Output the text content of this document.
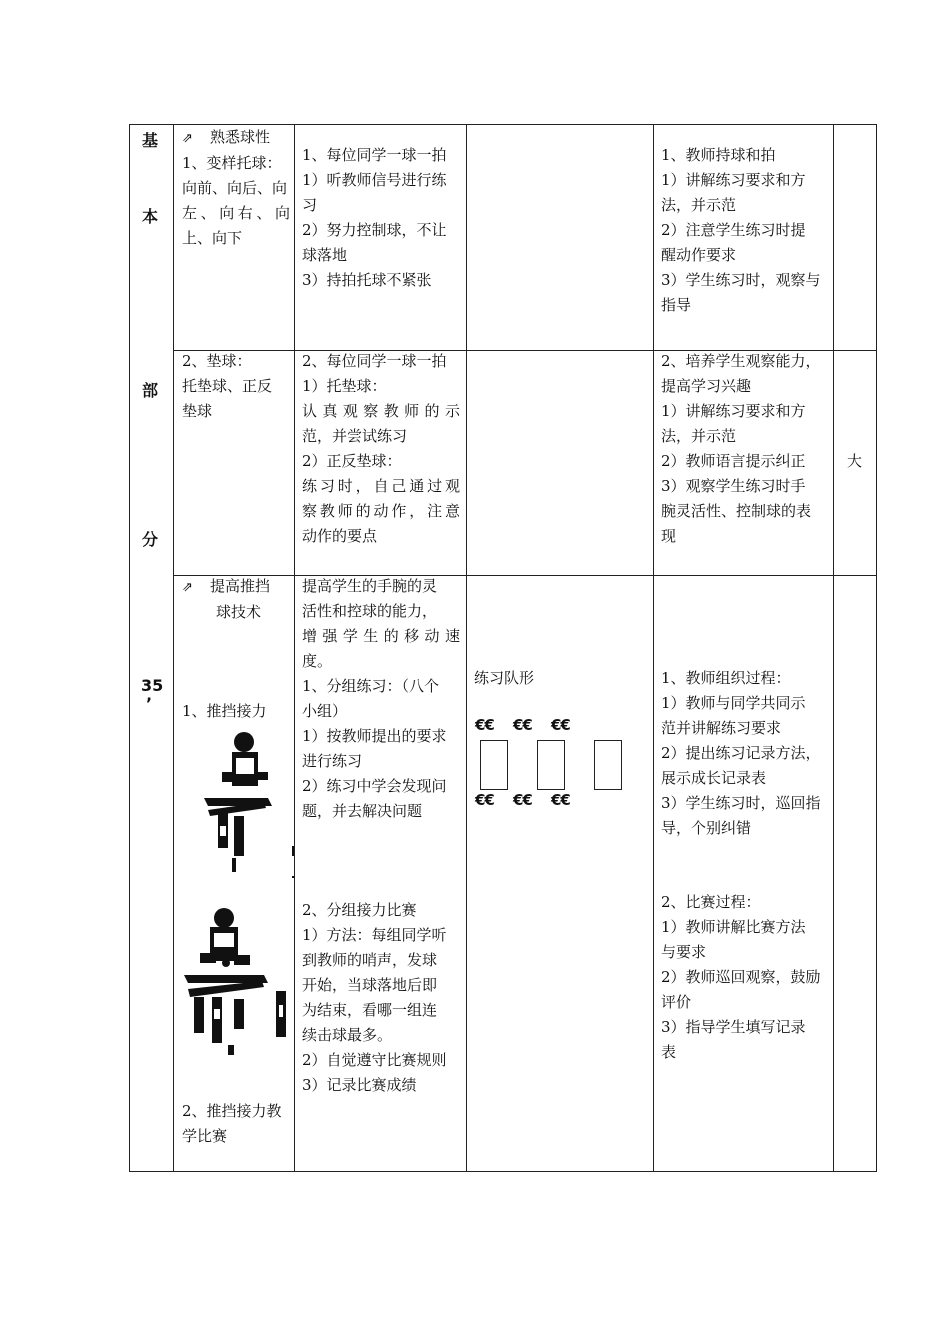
基
本
部
分
35
’
⇗ 熟悉球性
1、变样托球：
向前、向后、向
左、向右、向
上、向下
1、每位同学一球一拍
1）听教师信号进行练
习
2）努力控制球，不让
球落地
3）持拍托球不紧张
1、教师持球和拍
1）讲解练习要求和方
法，并示范
2）注意学生练习时提
醒动作要求
3）学生练习时，观察与
指导
2、垫球：
托垫球、正反
垫球
2、每位同学一球一拍
1）托垫球：
认真观察教师的示
范，并尝试练习
2）正反垫球：
练习时，自己通过观
察教师的动作，注意
动作的要点
2、培养学生观察能力，
提高学习兴趣
1）讲解练习要求和方
法，并示范
2）教师语言提示纠正
3）观察学生练习时手
腕灵活性、控制球的表
现
大
⇗ 提高推挡
球技术
1、推挡接力
2、推挡接力教
学比赛
提高学生的手腕的灵
活性和控球的能力，
增强学生的移动速
度。
1、分组练习：（八个
小组）
1）按教师提出的要求
进行练习
2）练习中学会发现问
题，并去解决问题
2、分组接力比赛
1）方法：每组同学听
到教师的哨声，发球
开始，当球落地后即
为结束，看哪一组连
续击球最多。
2）自觉遵守比赛规则
3）记录比赛成绩
练习队形
€€ €€ €€
€€ €€ €€
1、教师组织过程：
1）教师与同学共同示
范并讲解练习要求
2）提出练习记录方法，
展示成长记录表
3）学生练习时，巡回指
导，个别纠错
2、比赛过程：
1）教师讲解比赛方法
与要求
2）教师巡回观察，鼓励
评价
3）指导学生填写记录
表
